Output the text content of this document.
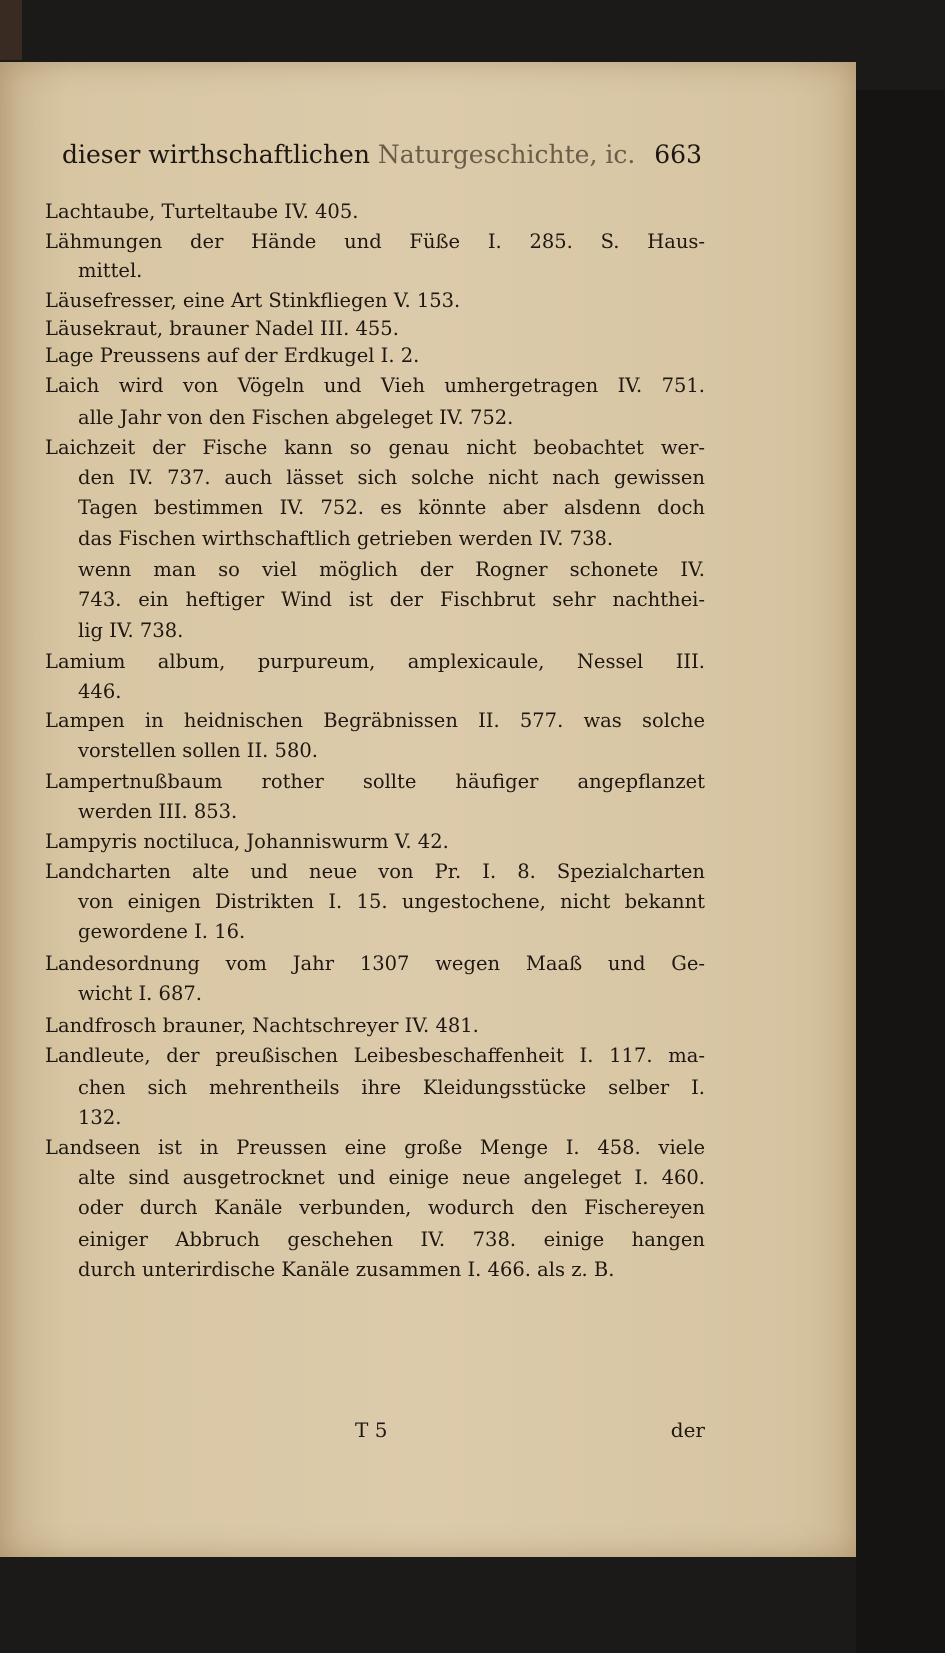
dieser wirthschaftlichen Naturgeschichte, ic. 663
Lachtaube, Turteltaube IV. 405.
Lähmungen der Hände und Füße I. 285. S. Haus-
mittel.
Läusefresser, eine Art Stinkfliegen V. 153.
Läusekraut, brauner Nadel III. 455.
Lage Preussens auf der Erdkugel I. 2.
Laich wird von Vögeln und Vieh umhergetragen IV. 751.
alle Jahr von den Fischen abgeleget IV. 752.
Laichzeit der Fische kann so genau nicht beobachtet wer-
den IV. 737. auch lässet sich solche nicht nach gewissen
Tagen bestimmen IV. 752. es könnte aber alsdenn doch
das Fischen wirthschaftlich getrieben werden IV. 738.
wenn man so viel möglich der Rogner schonete IV.
743. ein heftiger Wind ist der Fischbrut sehr nachthei-
lig IV. 738.
Lamium album, purpureum, amplexicaule, Nessel III.
446.
Lampen in heidnischen Begräbnissen II. 577. was solche
vorstellen sollen II. 580.
Lampertnußbaum rother sollte häufiger angepflanzet
werden III. 853.
Lampyris noctiluca, Johanniswurm V. 42.
Landcharten alte und neue von Pr. I. 8. Spezialcharten
von einigen Distrikten I. 15. ungestochene, nicht bekannt
gewordene I. 16.
Landesordnung vom Jahr 1307 wegen Maaß und Ge-
wicht I. 687.
Landfrosch brauner, Nachtschreyer IV. 481.
Landleute, der preußischen Leibesbeschaffenheit I. 117. ma-
chen sich mehrentheils ihre Kleidungsstücke selber I.
132.
Landseen ist in Preussen eine große Menge I. 458. viele
alte sind ausgetrocknet und einige neue angeleget I. 460.
oder durch Kanäle verbunden, wodurch den Fischereyen
einiger Abbruch geschehen IV. 738. einige hangen
durch unterirdische Kanäle zusammen I. 466. als z. B.
T 5	der
